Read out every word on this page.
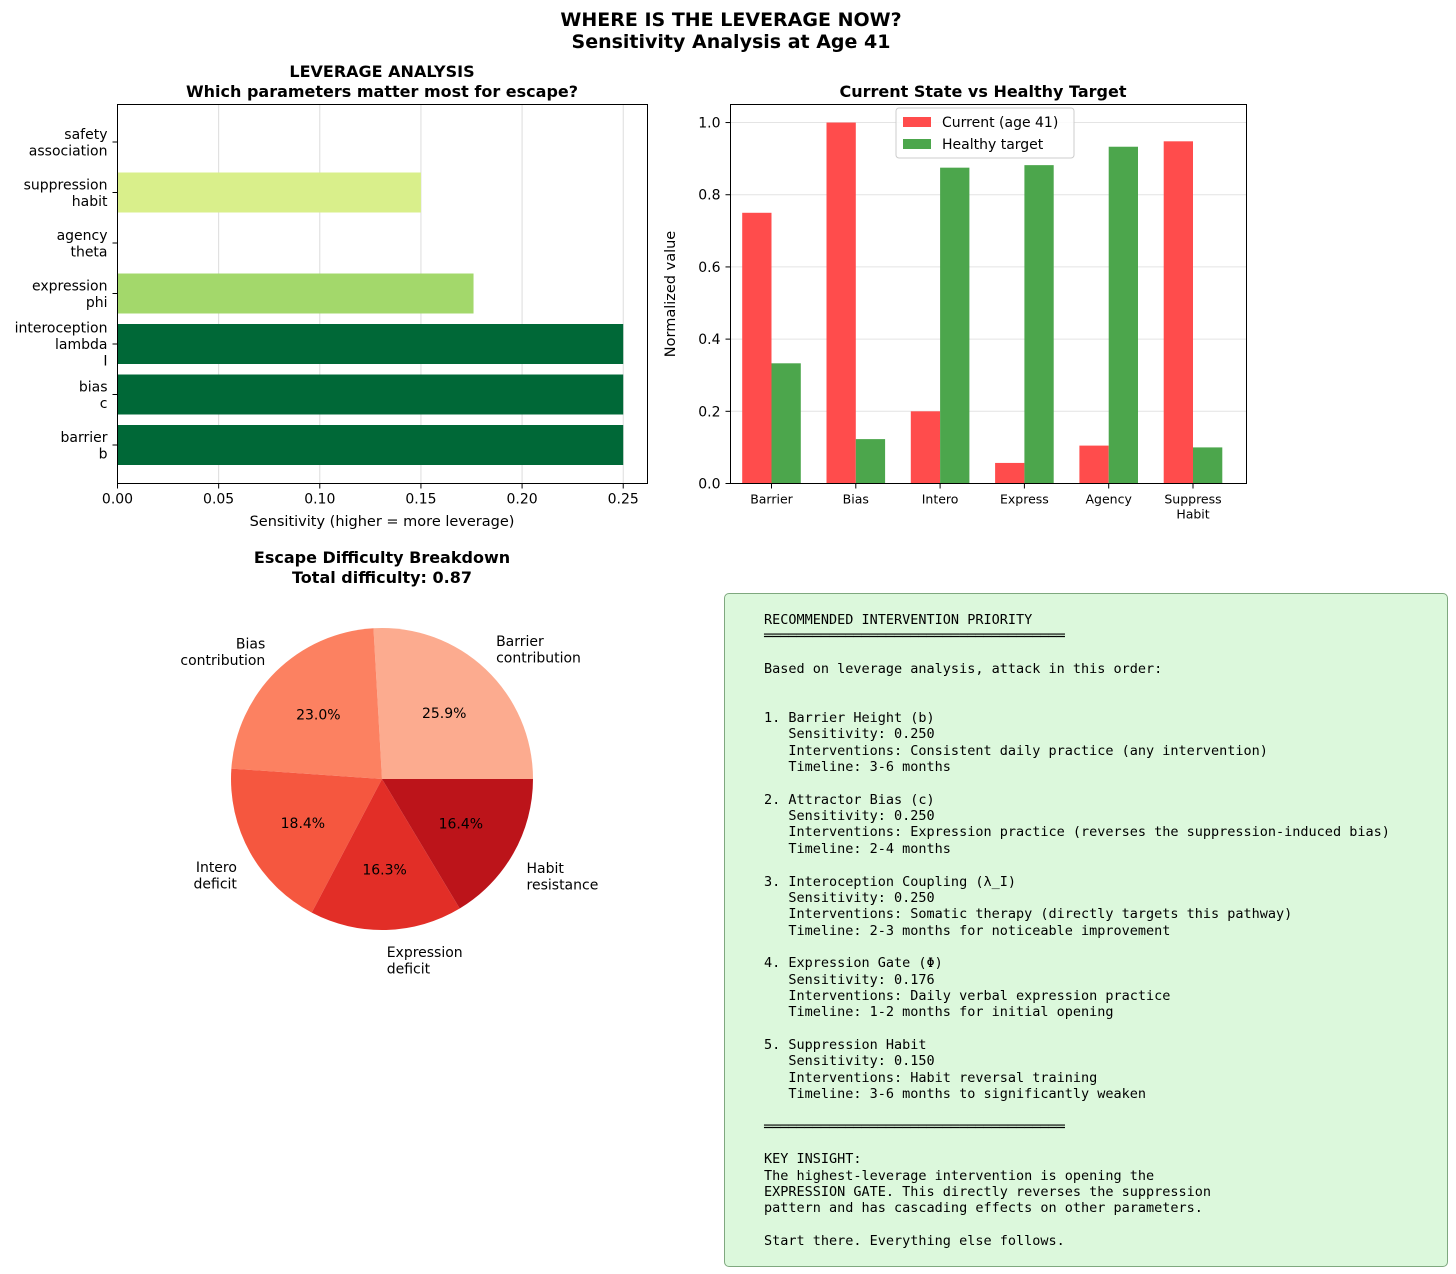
WHERE IS THE LEVERAGE NOW?
Sensitivity Analysis at Age 41
LEVERAGE ANALYSIS
Which parameters matter most for escape?
0.00	0.05	0.10	0.15	0.20	0.25
barrier b
bias c
interoception lambda I
expression phi
agency theta
suppression habit
safety association
Sensitivity (higher = more leverage)
Current State vs Healthy Target
0.0
0.2
0.4
0.6
0.8
1.0
Barrier	Bias	Intero	Express	Agency	Suppress Habit
Normalized value
Current (age 41)
Healthy target
Escape Difficulty Breakdown
Total difficulty: 0.87
25.9%
Barrier contribution
23.0%
Bias contribution
18.4%
Intero deficit
16.3%
Expression deficit
16.4%
Habit resistance
RECOMMENDED INTERVENTION PRIORITY
═════════════════════════════════════

Based on leverage analysis, attack in this order:

1. Barrier Height (b)
Sensitivity: 0.250
Interventions: Consistent daily practice (any intervention)
Timeline: 3-6 months

2. Attractor Bias (c)
Sensitivity: 0.250
Interventions: Expression practice (reverses the suppression-induced bias)
Timeline: 2-4 months

3. Interoception Coupling (λ_I)
Sensitivity: 0.250
Interventions: Somatic therapy (directly targets this pathway)
Timeline: 2-3 months for noticeable improvement

4. Expression Gate (Φ)
Sensitivity: 0.176
Interventions: Daily verbal expression practice
Timeline: 1-2 months for initial opening

5. Suppression Habit
Sensitivity: 0.150
Interventions: Habit reversal training
Timeline: 3-6 months to significantly weaken

═════════════════════════════════════

KEY INSIGHT:
The highest-leverage intervention is opening the
EXPRESSION GATE. This directly reverses the suppression
pattern and has cascading effects on other parameters.

Start there. Everything else follows.
